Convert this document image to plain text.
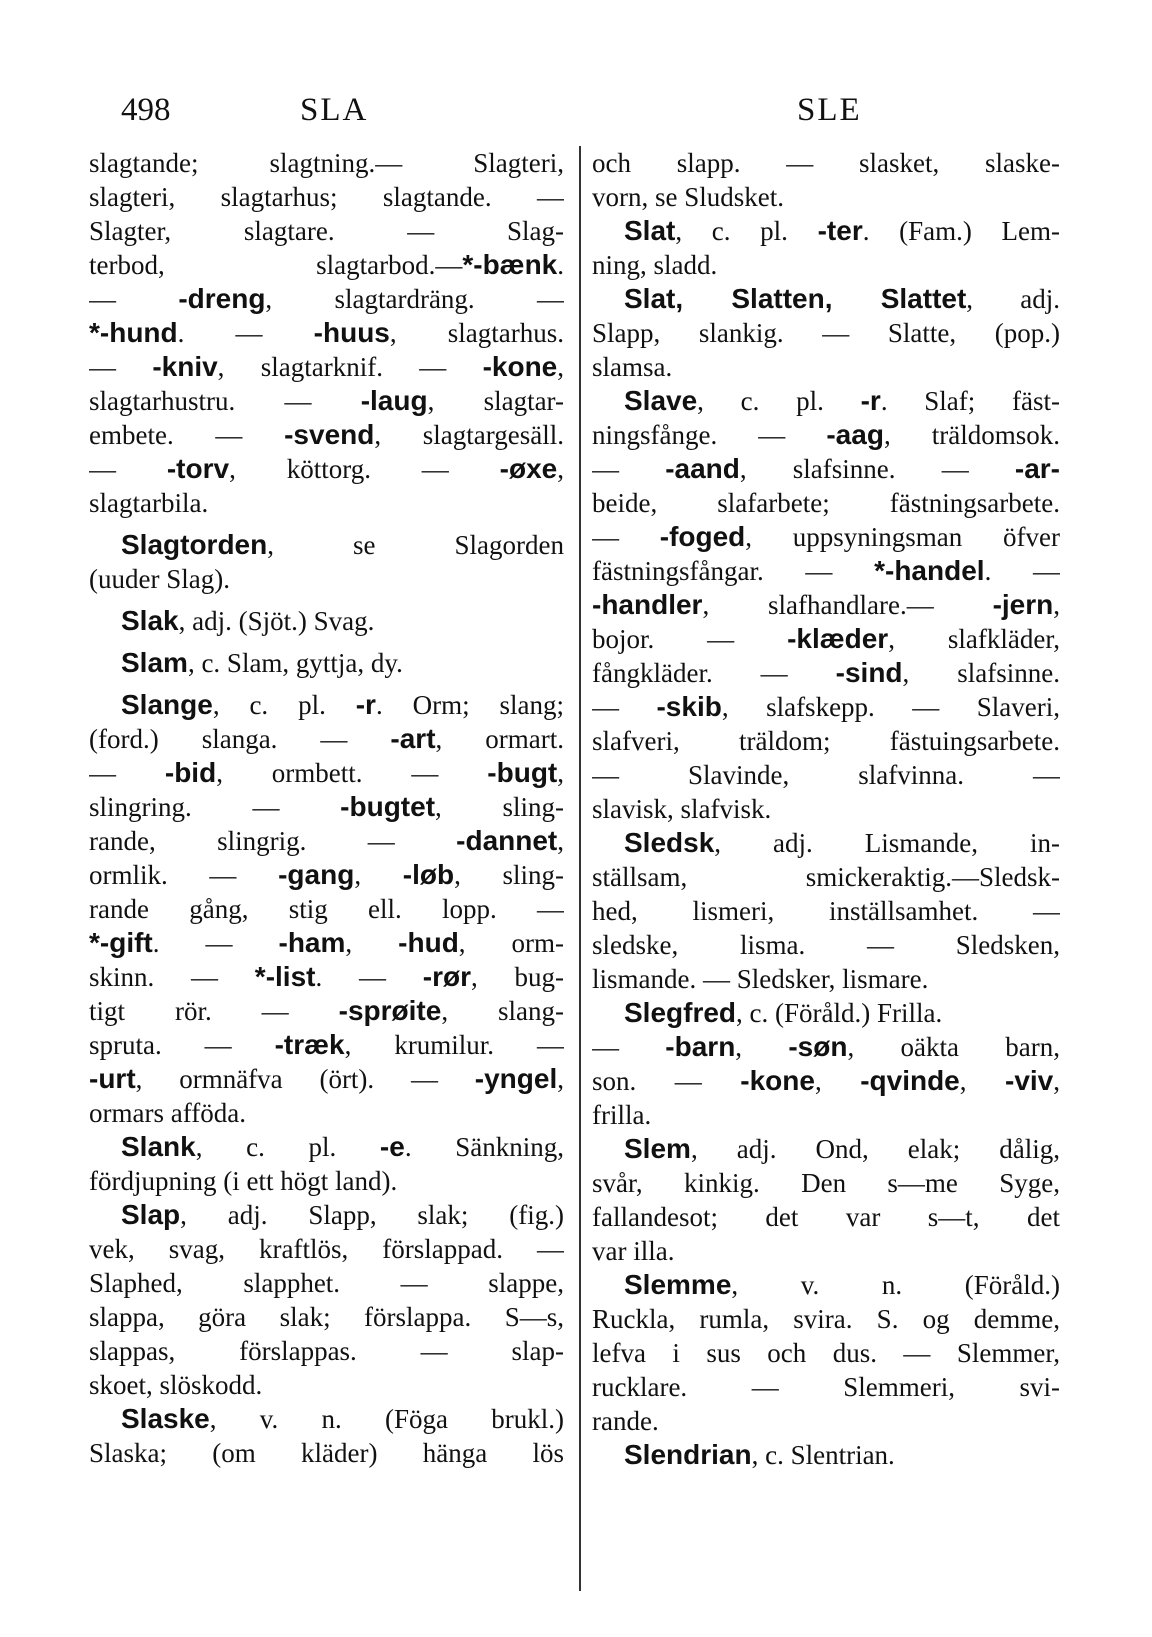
498	SLA	SLE
slagtande; slagtning.— Slagteri,
slagteri, slagtarhus; slagtande. —
Slagter, slagtare. — Slag-
terbod, slagtarbod.—*-bænk.
— -dreng, slagtardräng. —
*-hund. — -huus, slagtarhus.
— -kniv, slagtarknif. — -kone,
slagtarhustru. — -laug, slagtar-
embete. — -svend, slagtargesäll.
— -torv, köttorg. — -øxe,
slagtarbila.
Slagtorden, se Slagorden
(uuder Slag).
Slak, adj. (Sjöt.) Svag.
Slam, c. Slam, gyttja, dy.
Slange, c. pl. -r. Orm; slang;
(ford.) slanga. — -art, ormart.
— -bid, ormbett. — -bugt,
slingring. — -bugtet, sling-
rande, slingrig. — -dannet,
ormlik. — -gang, -løb, sling-
rande gång, stig ell. lopp. —
*-gift. — -ham, -hud, orm-
skinn. — *-list. — -rør, bug-
tigt rör. — -sprøite, slang-
spruta. — -træk, krumilur. —
-urt, ormnäfva (ört). — -yngel,
ormars afföda.
Slank, c. pl. -e. Sänkning,
fördjupning (i ett högt land).
Slap, adj. Slapp, slak; (fig.)
vek, svag, kraftlös, förslappad. —
Slaphed, slapphet. — slappe,
slappa, göra slak; förslappa. S—s,
slappas, förslappas. — slap-
skoet, slöskodd.
Slaske, v. n. (Föga brukl.)
Slaska; (om kläder) hänga lös
och slapp. — slasket, slaske-
vorn, se Sludsket.
Slat, c. pl. -ter. (Fam.) Lem-
ning, sladd.
Slat, Slatten, Slattet, adj.
Slapp, slankig. — Slatte, (pop.)
slamsa.
Slave, c. pl. -r. Slaf; fäst-
ningsfånge. — -aag, träldomsok.
— -aand, slafsinne. — -ar-
beide, slafarbete; fästningsarbete.
— -foged, uppsyningsman öfver
fästningsfångar. — *-handel. —
-handler, slafhandlare.— -jern,
bojor. — -klæder, slafkläder,
fångkläder. — -sind, slafsinne.
— -skib, slafskepp. — Slaveri,
slafveri, träldom; fästuingsarbete.
— Slavinde, slafvinna. —
slavisk, slafvisk.
Sledsk, adj. Lismande, in-
ställsam, smickeraktig.—Sledsk-
hed, lismeri, inställsamhet. —
sledske, lisma. — Sledsken,
lismande. — Sledsker, lismare.
Slegfred, c. (Föråld.) Frilla.
— -barn, -søn, oäkta barn,
son. — -kone, -qvinde, -viv,
frilla.
Slem, adj. Ond, elak; dålig,
svår, kinkig. Den s—me Syge,
fallandesot; det var s—t, det
var illa.
Slemme, v. n. (Föråld.)
Ruckla, rumla, svira. S. og demme,
lefva i sus och dus. — Slemmer,
rucklare. — Slemmeri, svi-
rande.
Slendrian, c. Slentrian.
